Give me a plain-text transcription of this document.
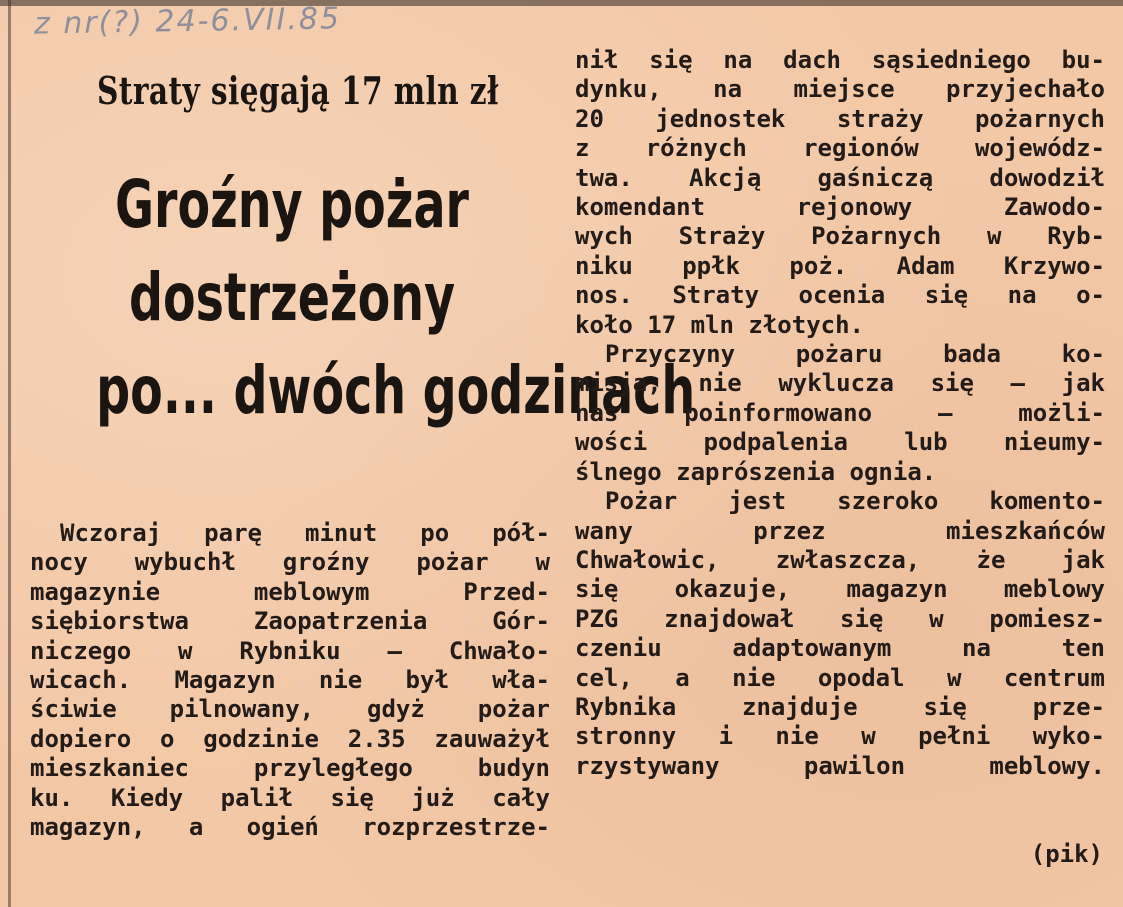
z nr(?) 24-6.VII.85
Straty sięgają 17 mln zł
Groźny pożar
dostrzeżony
po... dwóch godzinach
Wczoraj parę minut po pół-
nocy wybuchł groźny pożar w
magazynie meblowym Przed-
siębiorstwa Zaopatrzenia Gór-
niczego w Rybniku — Chwało-
wicach. Magazyn nie był wła-
ściwie pilnowany, gdyż pożar
dopiero o godzinie 2.35 zauważył
mieszkaniec przyległego budyn
ku. Kiedy palił się już cały
magazyn, a ogień rozprzestrze-
nił się na dach sąsiedniego bu-
dynku, na miejsce przyjechało
20 jednostek straży pożarnych
z różnych regionów wojewódz-
twa. Akcją gaśniczą dowodził
komendant rejonowy Zawodo-
wych Straży Pożarnych w Ryb-
niku ppłk poż. Adam Krzywo-
nos. Straty ocenia się na o-
koło 17 mln złotych.
Przyczyny pożaru bada ko-
misja, nie wyklucza się — jak
nas poinformowano — możli-
wości podpalenia lub nieumy-
ślnego zaprószenia ognia.
Pożar jest szeroko komento-
wany przez mieszkańców
Chwałowic, zwłaszcza, że jak
się okazuje, magazyn meblowy
PZG znajdował się w pomiesz-
czeniu adaptowanym na ten
cel, a nie opodal w centrum
Rybnika znajduje się prze-
stronny i nie w pełni wyko-
rzystywany pawilon meblowy.
(pik)
